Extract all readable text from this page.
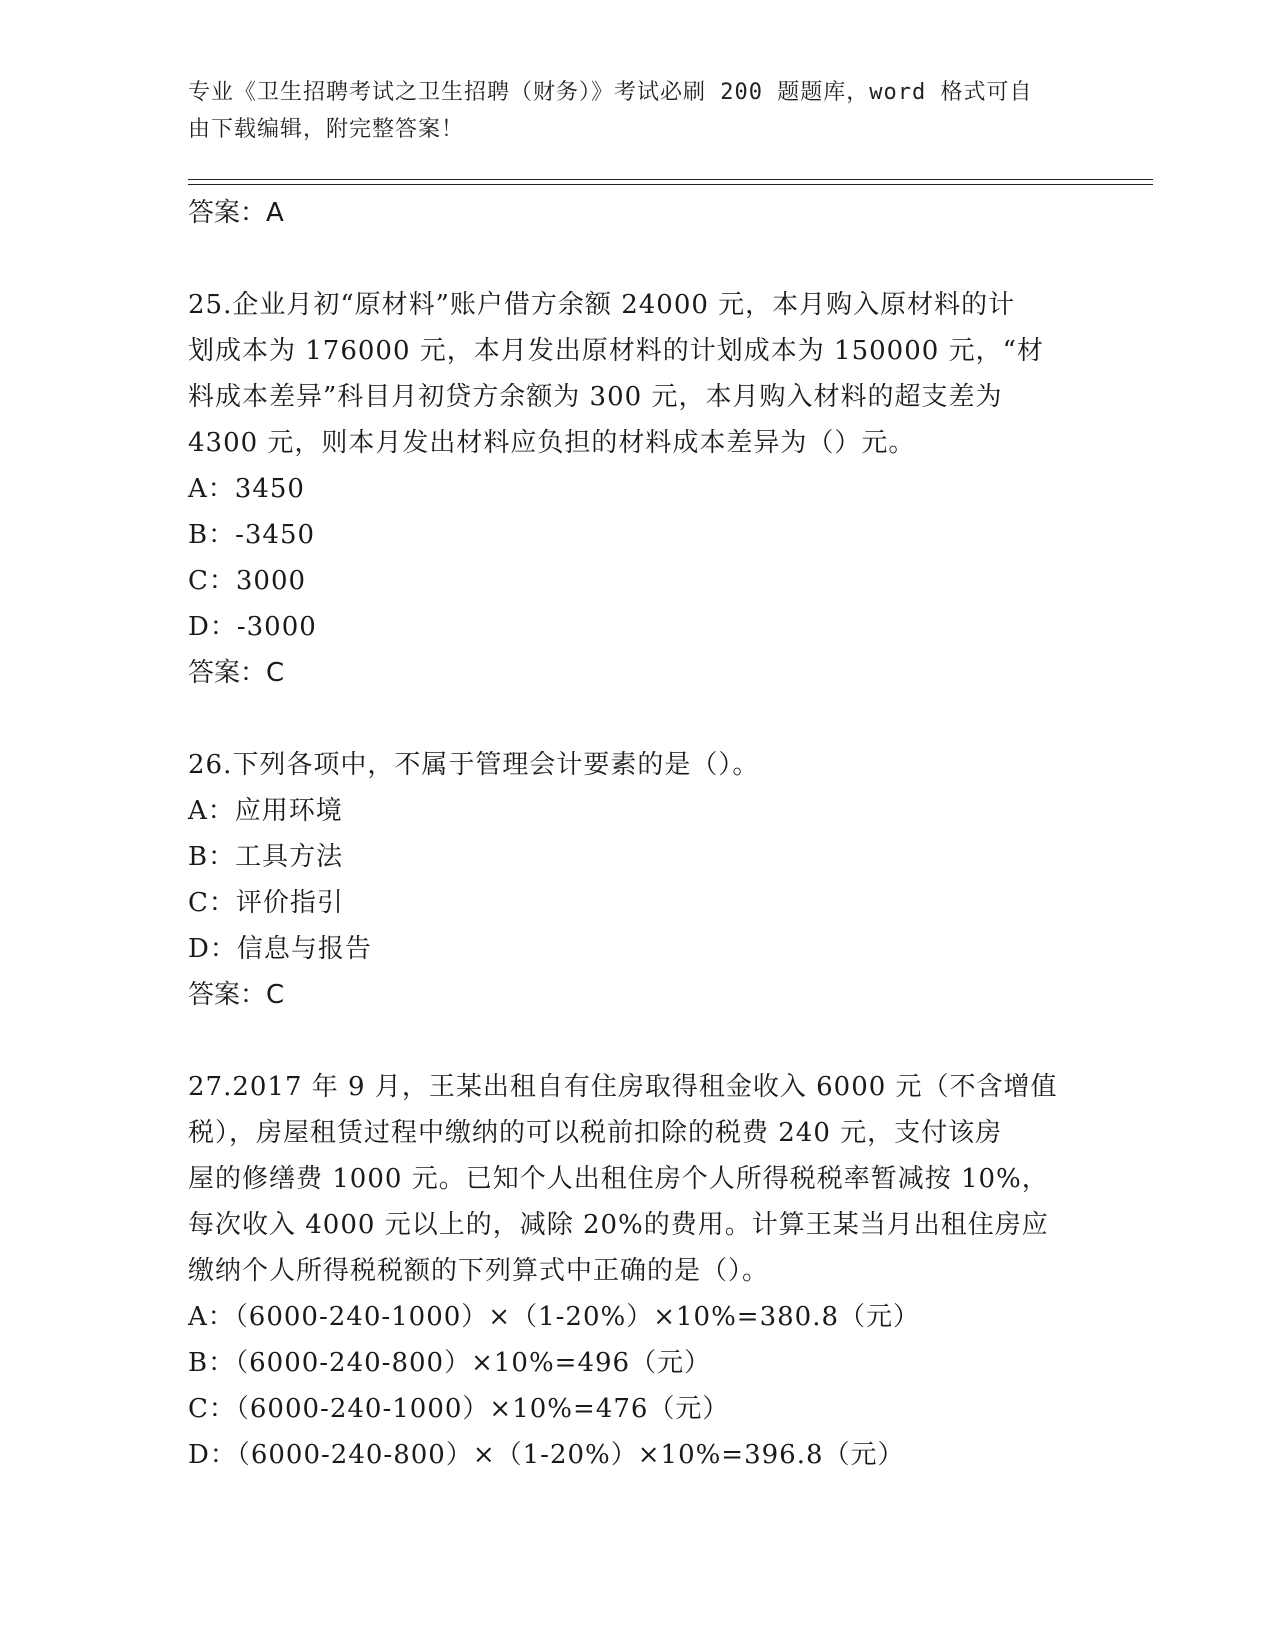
专业《卫生招聘考试之卫生招聘（财务）》考试必刷 200 题题库，word 格式可自
由下载编辑，附完整答案！
答案：A
25.企业月初“原材料”账户借方余额 24000 元，本月购入原材料的计
划成本为 176000 元，本月发出原材料的计划成本为 150000 元，“材
料成本差异”科目月初贷方余额为 300 元，本月购入材料的超支差为
4300 元，则本月发出材料应负担的材料成本差异为（）元。
A：3450
B：-3450
C：3000
D：-3000
答案：C
26.下列各项中，不属于管理会计要素的是（）。
A：应用环境
B：工具方法
C：评价指引
D：信息与报告
答案：C
27.2017 年 9 月，王某出租自有住房取得租金收入 6000 元（不含增值
税），房屋租赁过程中缴纳的可以税前扣除的税费 240 元，支付该房
屋的修缮费 1000 元。已知个人出租住房个人所得税税率暂减按 10%，
每次收入 4000 元以上的，减除 20%的费用。计算王某当月出租住房应
缴纳个人所得税税额的下列算式中正确的是（）。
A：（6000-240-1000）×（1-20%）×10%=380.8（元）
B：（6000-240-800）×10%=496（元）
C：（6000-240-1000）×10%=476（元）
D：（6000-240-800）×（1-20%）×10%=396.8（元）
